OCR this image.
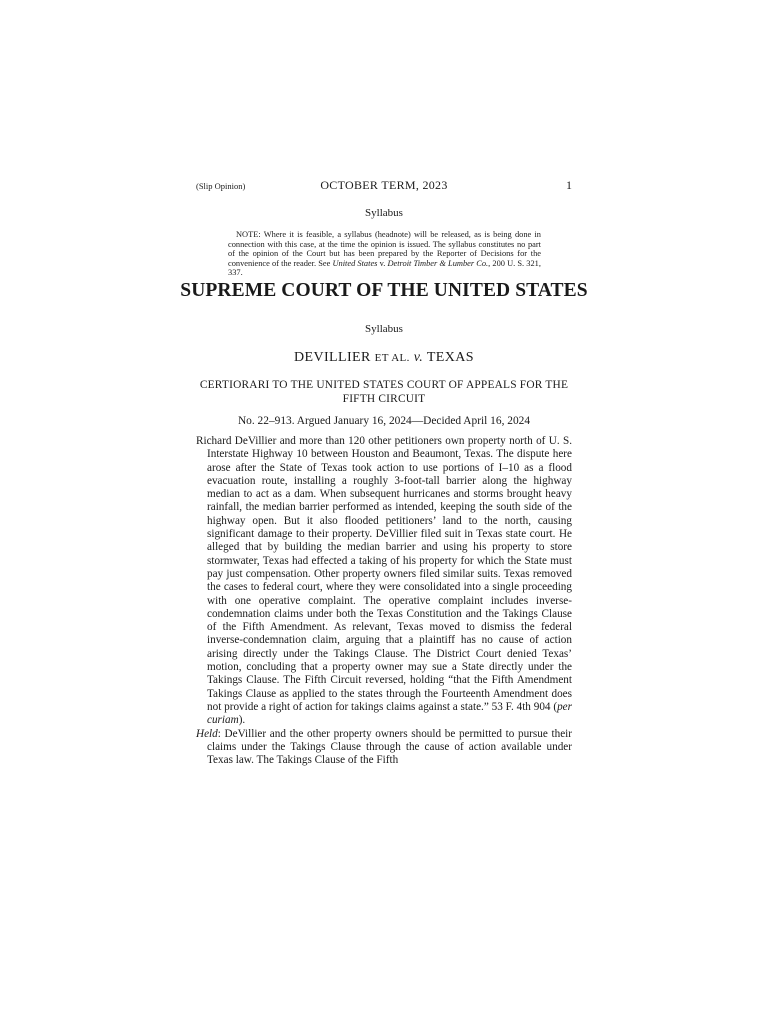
(Slip Opinion)	OCTOBER TERM, 2023	1
Syllabus
NOTE: Where it is feasible, a syllabus (headnote) will be released, as is being done in connection with this case, at the time the opinion is issued. The syllabus constitutes no part of the opinion of the Court but has been prepared by the Reporter of Decisions for the convenience of the reader. See United States v. Detroit Timber & Lumber Co., 200 U. S. 321, 337.
SUPREME COURT OF THE UNITED STATES
Syllabus
DEVILLIER ET AL. v. TEXAS
CERTIORARI TO THE UNITED STATES COURT OF APPEALS FOR THE FIFTH CIRCUIT
No. 22–913. Argued January 16, 2024—Decided April 16, 2024

Richard DeVillier and more than 120 other petitioners own property north of U. S. Interstate Highway 10 between Houston and Beaumont, Texas. The dispute here arose after the State of Texas took action to use portions of I–10 as a flood evacuation route, installing a roughly 3-foot-tall barrier along the highway median to act as a dam. When subsequent hurricanes and storms brought heavy rainfall, the median barrier performed as intended, keeping the south side of the highway open. But it also flooded petitioners’ land to the north, causing significant damage to their property. DeVillier filed suit in Texas state court. He alleged that by building the median barrier and using his property to store stormwater, Texas had effected a taking of his property for which the State must pay just compensation. Other property owners filed similar suits. Texas removed the cases to federal court, where they were consolidated into a single proceeding with one operative complaint. The operative complaint includes inverse-condemnation claims under both the Texas Constitution and the Takings Clause of the Fifth Amendment. As relevant, Texas moved to dismiss the federal inverse-condemnation claim, arguing that a plaintiff has no cause of action arising directly under the Takings Clause. The District Court denied Texas’ motion, concluding that a property owner may sue a State directly under the Takings Clause. The Fifth Circuit reversed, holding “that the Fifth Amendment Takings Clause as applied to the states through the Fourteenth Amendment does not provide a right of action for takings claims against a state.” 53 F. 4th 904 (per curiam).

Held: DeVillier and the other property owners should be permitted to pursue their claims under the Takings Clause through the cause of action available under Texas law. The Takings Clause of the Fifth
